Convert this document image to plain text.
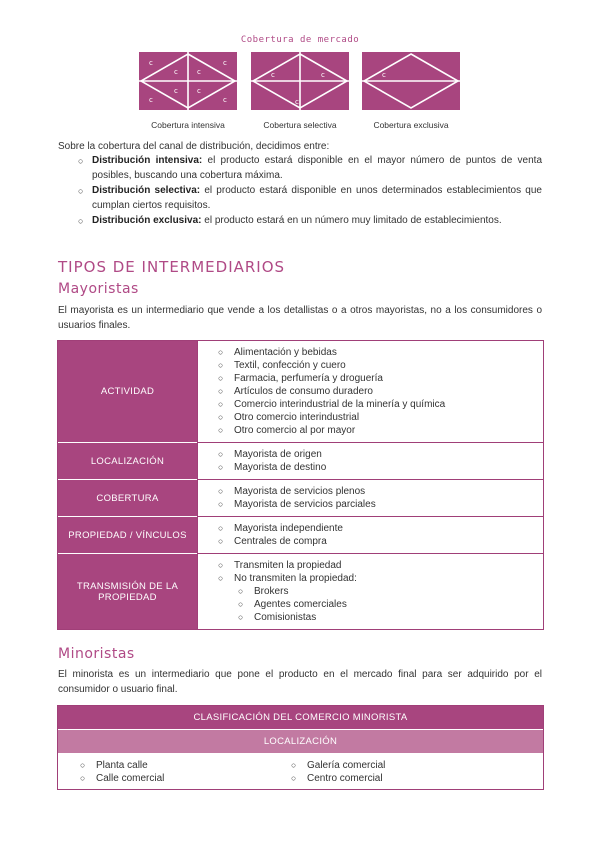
Cobertura de mercado
c
c	c
c
c
c	c
c
Cobertura intensiva
c	c
c
Cobertura selectiva
c
Cobertura exclusiva
Sobre la cobertura del canal de distribución, decidimos entre:
○ Distribución intensiva: el producto estará disponible en el mayor número de puntos de venta posibles, buscando una cobertura máxima.
○ Distribución selectiva: el producto estará disponible en unos determinados establecimientos que cumplan ciertos requisitos.
○ Distribución exclusiva: el producto estará en un número muy limitado de establecimientos.
TIPOS DE INTERMEDIARIOS
Mayoristas
El mayorista es un intermediario que vende a los detallistas o a otros mayoristas, no a los consumidores o usuarios finales.
ACTIVIDAD
○ Alimentación y bebidas
○ Textil, confección y cuero
○ Farmacia, perfumería y droguería
○ Artículos de consumo duradero
○ Comercio interindustrial de la minería y química
○ Otro comercio interindustrial
○ Otro comercio al por mayor
LOCALIZACIÓN
○ Mayorista de origen
○ Mayorista de destino
COBERTURA
○ Mayorista de servicios plenos
○ Mayorista de servicios parciales
PROPIEDAD / VÍNCULOS
○ Mayorista independiente
○ Centrales de compra
TRANSMISIÓN DE LA PROPIEDAD
○ Transmiten la propiedad
○ No transmiten la propiedad:
○ Brokers
○ Agentes comerciales
○ Comisionistas
Minoristas
El minorista es un intermediario que pone el producto en el mercado final para ser adquirido por el consumidor o usuario final.
CLASIFICACIÓN DEL COMERCIO MINORISTA
LOCALIZACIÓN
○ Planta calle
○ Calle comercial
○ Galería comercial
○ Centro comercial
